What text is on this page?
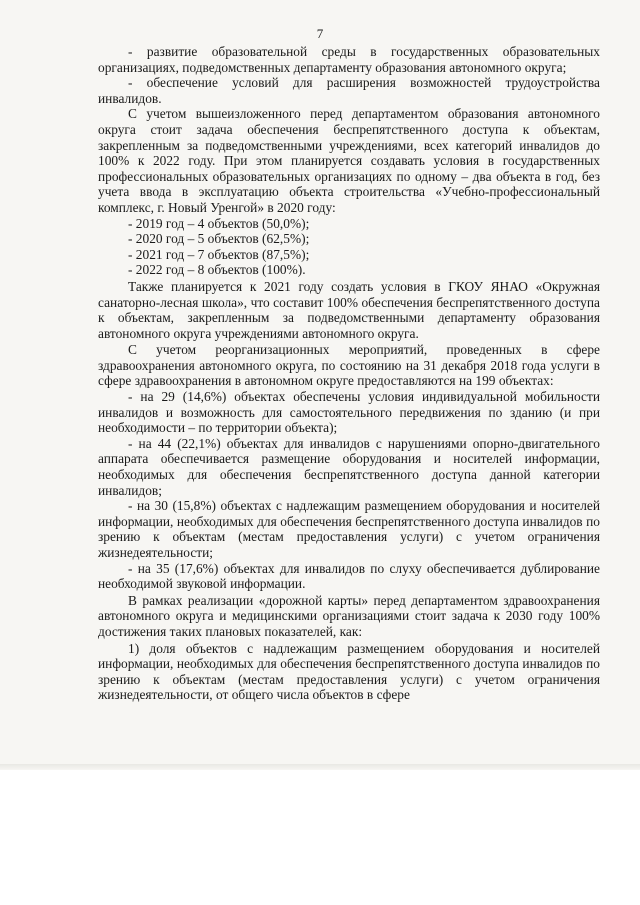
7

- развитие образовательной среды в государственных образовательных организациях, подведомственных департаменту образования автономного округа;

- обеспечение условий для расширения возможностей трудоустройства инвалидов.

С учетом вышеизложенного перед департаментом образования автономного округа стоит задача обеспечения беспрепятственного доступа к объектам, закрепленным за подведомственными учреждениями, всех категорий инвалидов до 100% к 2022 году. При этом планируется создавать условия в государственных профессиональных образовательных организациях по одному – два объекта в год, без учета ввода в эксплуатацию объекта строительства «Учебно-профессиональный комплекс, г. Новый Уренгой» в 2020 году:

- 2019 год – 4 объектов (50,0%);

- 2020 год – 5 объектов (62,5%);

- 2021 год – 7 объектов (87,5%);

- 2022 год – 8 объектов (100%).

Также планируется к 2021 году создать условия в ГКОУ ЯНАО «Окружная санаторно-лесная школа», что составит 100% обеспечения беспрепятственного доступа к объектам, закрепленным за подведомственными департаменту образования автономного округа учреждениями автономного округа.

С учетом реорганизационных мероприятий, проведенных в сфере здравоохранения автономного округа, по состоянию на 31 декабря 2018 года услуги в сфере здравоохранения в автономном округе предоставляются на 199 объектах:

- на 29 (14,6%) объектах обеспечены условия индивидуальной мобильности инвалидов и возможность для самостоятельного передвижения по зданию (и при необходимости – по территории объекта);

- на 44 (22,1%) объектах для инвалидов с нарушениями опорно-двигательного аппарата обеспечивается размещение оборудования и носителей информации, необходимых для обеспечения беспрепятственного доступа данной категории инвалидов;

- на 30 (15,8%) объектах с надлежащим размещением оборудования и носителей информации, необходимых для обеспечения беспрепятственного доступа инвалидов по зрению к объектам (местам предоставления услуги) с учетом ограничения жизнедеятельности;

- на 35 (17,6%) объектах для инвалидов по слуху обеспечивается дублирование необходимой звуковой информации.

В рамках реализации «дорожной карты» перед департаментом здравоохранения автономного округа и медицинскими организациями стоит задача к 2030 году 100% достижения таких плановых показателей, как:

1) доля объектов с надлежащим размещением оборудования и носителей информации, необходимых для обеспечения беспрепятственного доступа инвалидов по зрению к объектам (местам предоставления услуги) с учетом ограничения жизнедеятельности, от общего числа объектов в сфере
